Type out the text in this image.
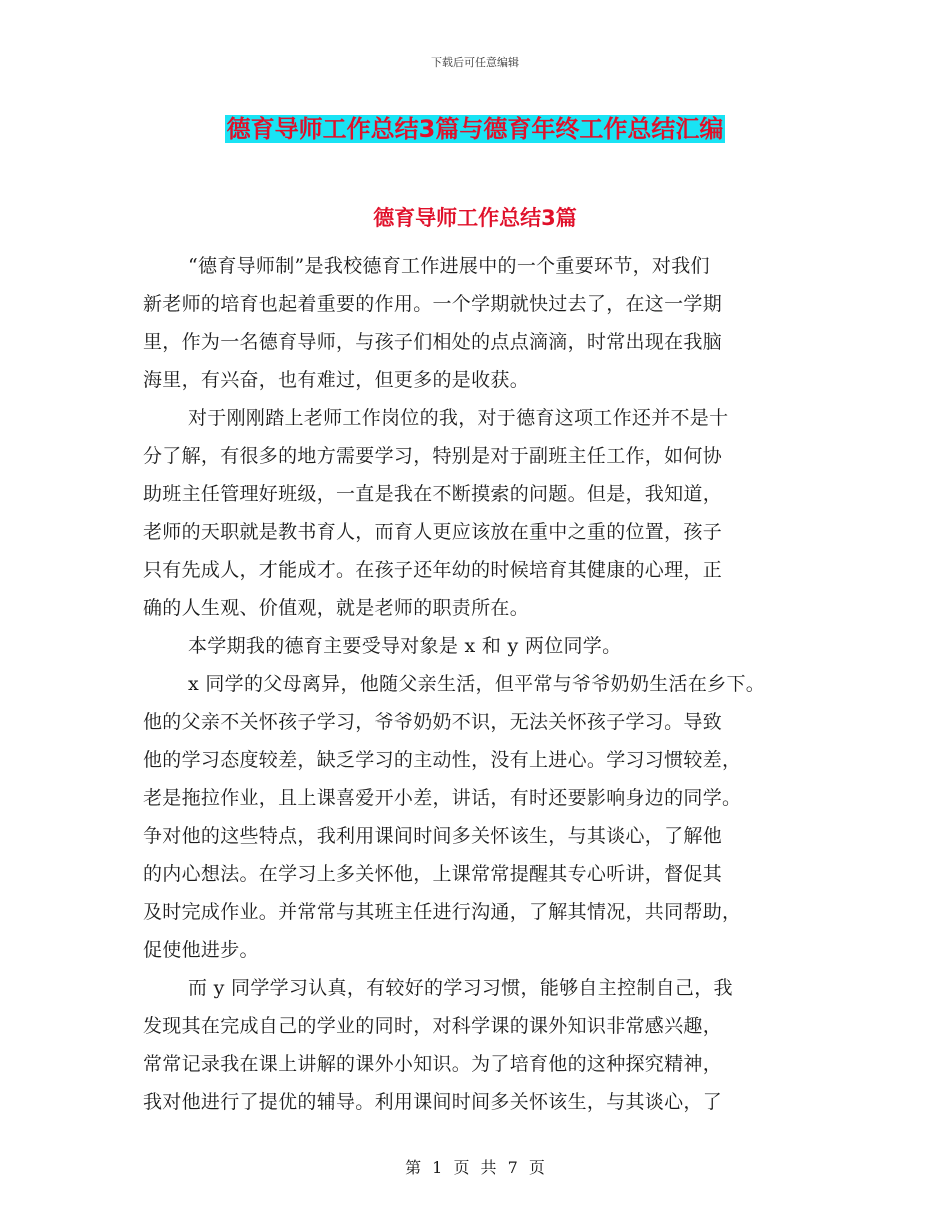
下载后可任意编辑
德育导师工作总结3篇与德育年终工作总结汇编
德育导师工作总结3篇
“德育导师制”是我校德育工作进展中的一个重要环节，对我们
新老师的培育也起着重要的作用。一个学期就快过去了，在这一学期
里，作为一名德育导师，与孩子们相处的点点滴滴，时常出现在我脑
海里，有兴奋，也有难过，但更多的是收获。
对于刚刚踏上老师工作岗位的我，对于德育这项工作还并不是十
分了解，有很多的地方需要学习，特别是对于副班主任工作，如何协
助班主任管理好班级，一直是我在不断摸索的问题。但是，我知道，
老师的天职就是教书育人，而育人更应该放在重中之重的位置，孩子
只有先成人，才能成才。在孩子还年幼的时候培育其健康的心理，正
确的人生观、价值观，就是老师的职责所在。
本学期我的德育主要受导对象是 x 和 y 两位同学。
x 同学的父母离异，他随父亲生活，但平常与爷爷奶奶生活在乡下。
他的父亲不关怀孩子学习，爷爷奶奶不识，无法关怀孩子学习。导致
他的学习态度较差，缺乏学习的主动性，没有上进心。学习习惯较差，
老是拖拉作业，且上课喜爱开小差，讲话，有时还要影响身边的同学。
争对他的这些特点，我利用课间时间多关怀该生，与其谈心，了解他
的内心想法。在学习上多关怀他，上课常常提醒其专心听讲，督促其
及时完成作业。并常常与其班主任进行沟通，了解其情况，共同帮助，
促使他进步。
而 y 同学学习认真，有较好的学习习惯，能够自主控制自己，我
发现其在完成自己的学业的同时，对科学课的课外知识非常感兴趣，
常常记录我在课上讲解的课外小知识。为了培育他的这种探究精神，
我对他进行了提优的辅导。利用课间时间多关怀该生，与其谈心，了
第 1 页 共 7 页
